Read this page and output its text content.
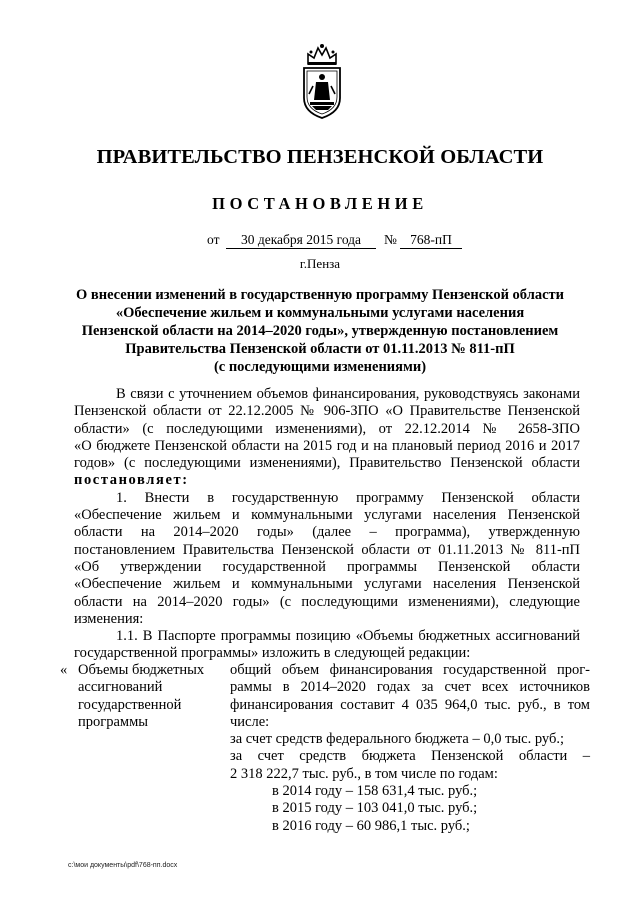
ПРАВИТЕЛЬСТВО ПЕНЗЕНСКОЙ ОБЛАСТИ
ПОСТАНОВЛЕНИЕ
от	30 декабря 2015 года	№ 768-пП
г.Пенза
О внесении изменений в государственную программу Пензенской области
«Обеспечение жильем и коммунальными услугами населения
Пензенской области на 2014–2020 годы», утвержденную постановлением
Правительства Пензенской области от 01.11.2013 № 811-пП
(с последующими изменениями)
В связи с уточнением объемов финансирования, руководствуясь законами
Пензенской области от 22.12.2005 № 906-ЗПО «О Правительстве Пензенской
области» (с последующими изменениями), от 22.12.2014 № 2658-ЗПО
«О бюджете Пензенской области на 2015 год и на плановый период 2016 и 2017
годов» (с последующими изменениями), Правительство Пензенской области
постановляет:
1. Внести в государственную программу Пензенской области
«Обеспечение жильем и коммунальными услугами населения Пензенской
области на 2014–2020 годы» (далее – программа), утвержденную
постановлением Правительства Пензенской области от 01.11.2013 № 811-пП
«Об утверждении государственной программы Пензенской области
«Обеспечение жильем и коммунальными услугами населения Пензенской
области на 2014–2020 годы» (с последующими изменениями), следующие
изменения:
1.1. В Паспорте программы позицию «Объемы бюджетных ассигнований
государственной программы» изложить в следующей редакции:
« Объемы бюджетных
ассигнований
государственной
программы
общий объем финансирования государственной прог-
раммы в 2014–2020 годах за счет всех источников
финансирования составит 4 035 964,0 тыс. руб., в том
числе:
за счет средств федерального бюджета – 0,0 тыс. руб.;
за счет средств бюджета Пензенской области –
2 318 222,7 тыс. руб., в том числе по годам:
в 2014 году – 158 631,4 тыс. руб.;
в 2015 году – 103 041,0 тыс. руб.;
в 2016 году – 60 986,1 тыс. руб.;
c:\мои документы\pdf\768-пп.docx
